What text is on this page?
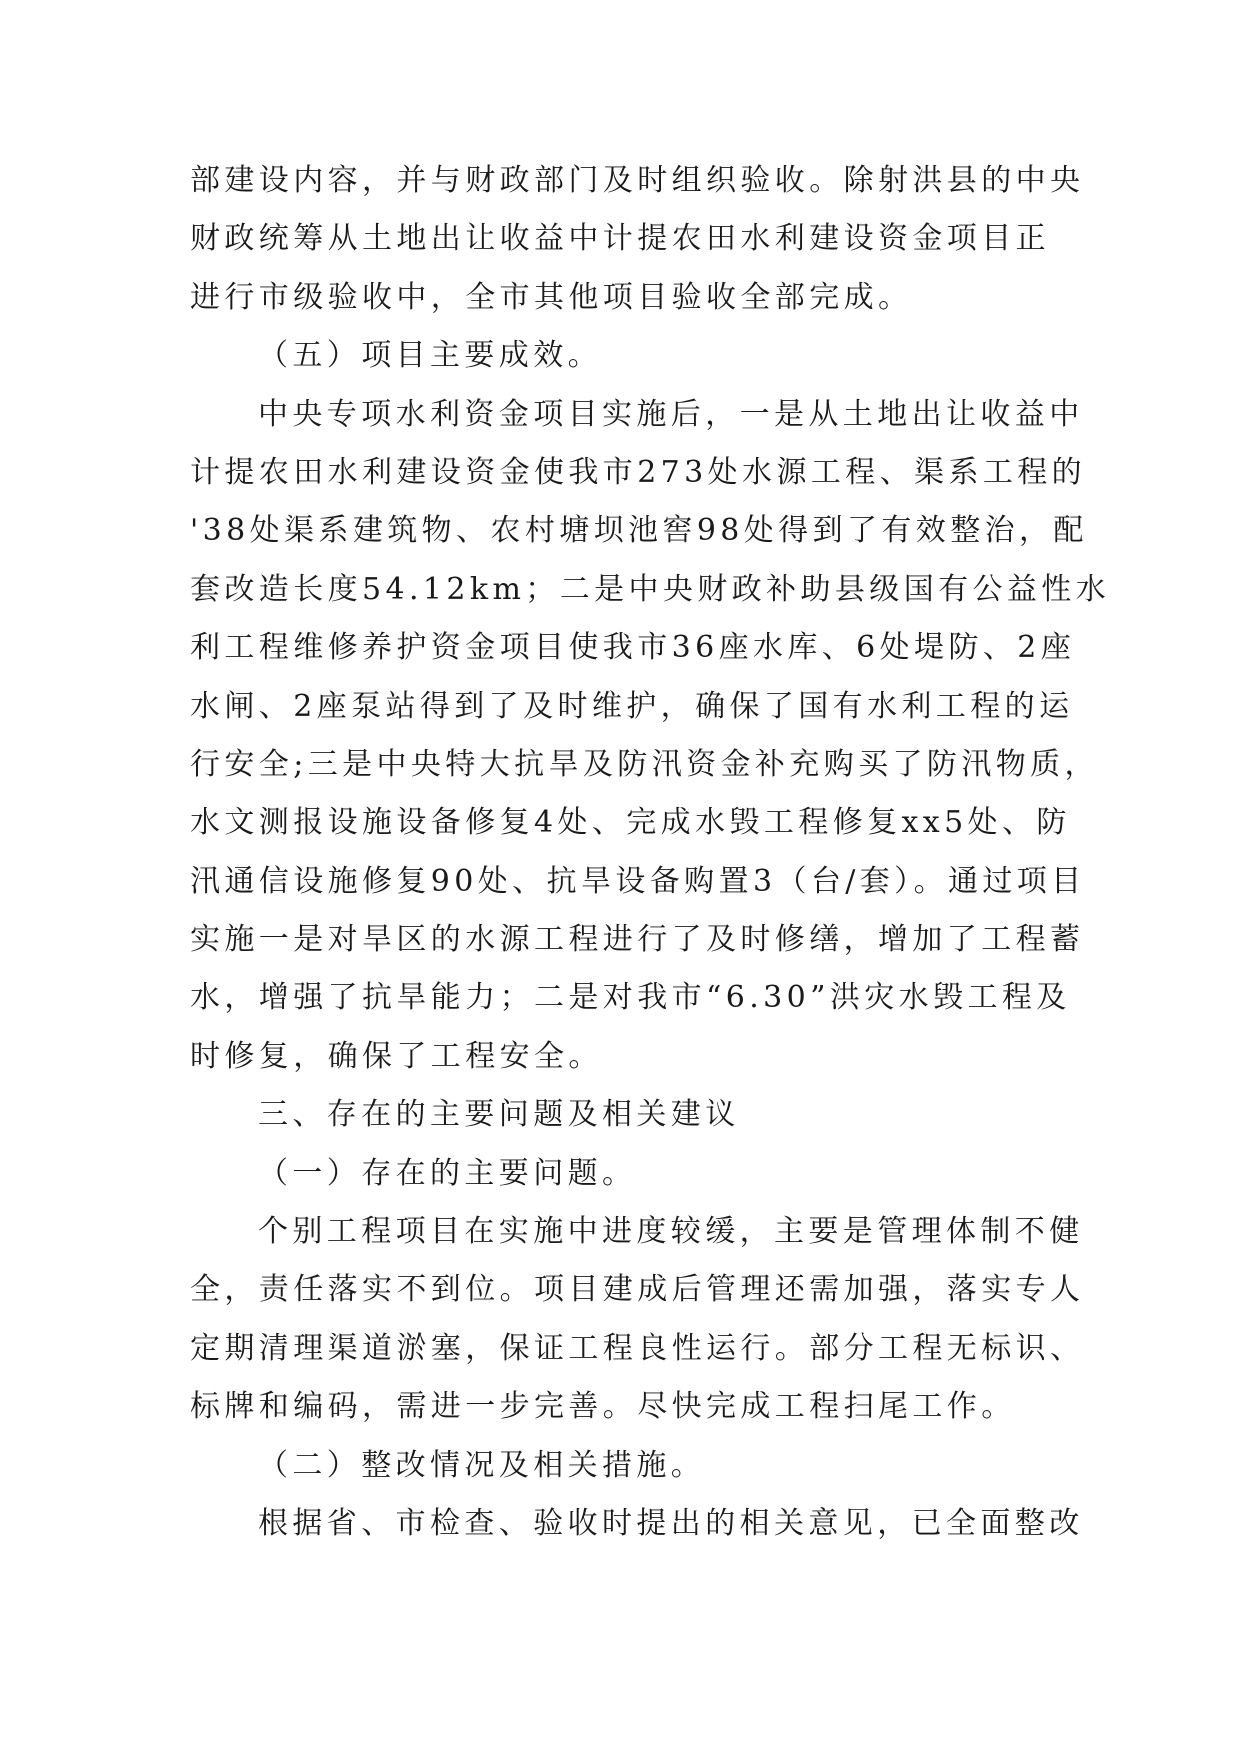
部建设内容，并与财政部门及时组织验收。除射洪县的中央
财政统筹从土地出让收益中计提农田水利建设资金项目正
进行市级验收中，全市其他项目验收全部完成。
（五）项目主要成效。
中央专项水利资金项目实施后，一是从土地出让收益中
计提农田水利建设资金使我市273处水源工程、渠系工程的
'38处渠系建筑物、农村塘坝池窖98处得到了有效整治，配
套改造长度54.12km；二是中央财政补助县级国有公益性水
利工程维修养护资金项目使我市36座水库、6处堤防、2座
水闸、2座泵站得到了及时维护，确保了国有水利工程的运
行安全;三是中央特大抗旱及防汛资金补充购买了防汛物质，
水文测报设施设备修复4处、完成水毁工程修复xx5处、防
汛通信设施修复90处、抗旱设备购置3（台/套）。通过项目
实施一是对旱区的水源工程进行了及时修缮，增加了工程蓄
水，增强了抗旱能力；二是对我市“6.30”洪灾水毁工程及
时修复，确保了工程安全。
三、存在的主要问题及相关建议
（一）存在的主要问题。
个别工程项目在实施中进度较缓，主要是管理体制不健
全，责任落实不到位。项目建成后管理还需加强，落实专人
定期清理渠道淤塞，保证工程良性运行。部分工程无标识、
标牌和编码，需进一步完善。尽快完成工程扫尾工作。
（二）整改情况及相关措施。
根据省、市检查、验收时提出的相关意见，已全面整改
